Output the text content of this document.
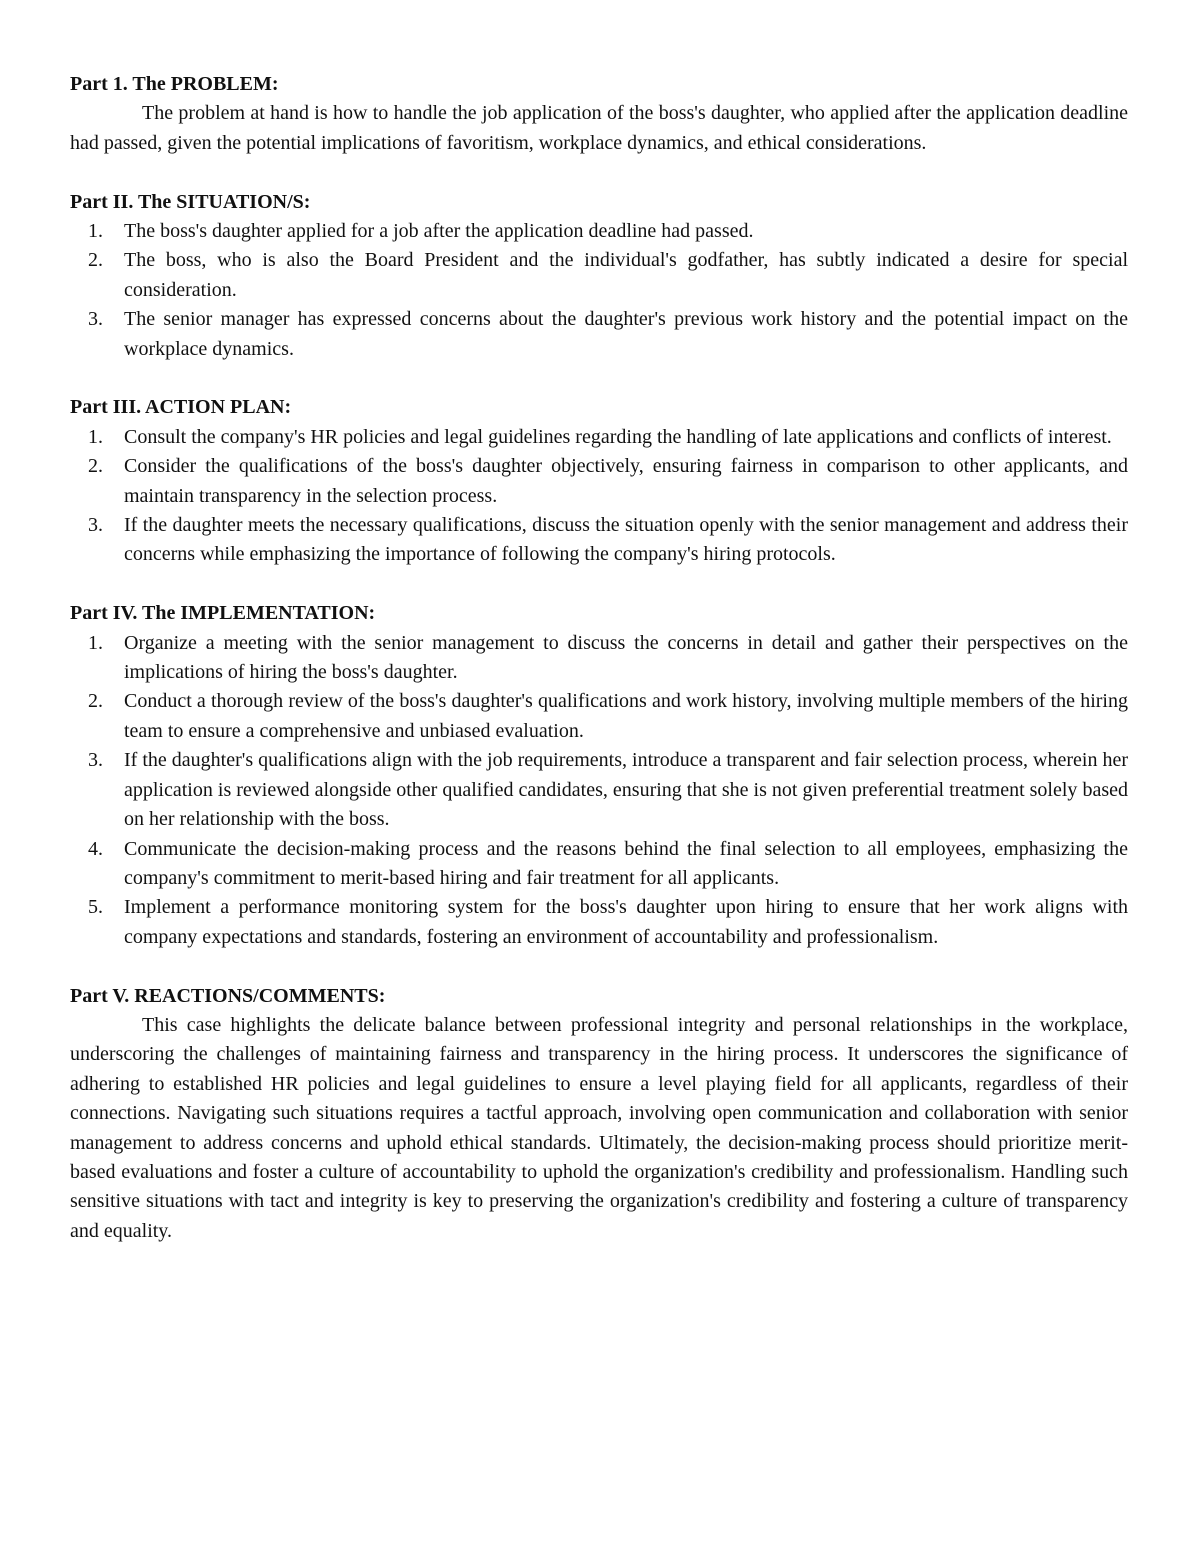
Part 1. The PROBLEM:

The problem at hand is how to handle the job application of the boss's daughter, who applied after the application deadline had passed, given the potential implications of favoritism, workplace dynamics, and ethical considerations.

Part II. The SITUATION/S:

1. The boss's daughter applied for a job after the application deadline had passed.
2. The boss, who is also the Board President and the individual's godfather, has subtly indicated a desire for special consideration.
3. The senior manager has expressed concerns about the daughter's previous work history and the potential impact on the workplace dynamics.

Part III. ACTION PLAN:

1. Consult the company's HR policies and legal guidelines regarding the handling of late applications and conflicts of interest.
2. Consider the qualifications of the boss's daughter objectively, ensuring fairness in comparison to other applicants, and maintain transparency in the selection process.
3. If the daughter meets the necessary qualifications, discuss the situation openly with the senior management and address their concerns while emphasizing the importance of following the company's hiring protocols.

Part IV. The IMPLEMENTATION:

1. Organize a meeting with the senior management to discuss the concerns in detail and gather their perspectives on the implications of hiring the boss's daughter.
2. Conduct a thorough review of the boss's daughter's qualifications and work history, involving multiple members of the hiring team to ensure a comprehensive and unbiased evaluation.
3. If the daughter's qualifications align with the job requirements, introduce a transparent and fair selection process, wherein her application is reviewed alongside other qualified candidates, ensuring that she is not given preferential treatment solely based on her relationship with the boss.
4. Communicate the decision-making process and the reasons behind the final selection to all employees, emphasizing the company's commitment to merit-based hiring and fair treatment for all applicants.
5. Implement a performance monitoring system for the boss's daughter upon hiring to ensure that her work aligns with company expectations and standards, fostering an environment of accountability and professionalism.

Part V. REACTIONS/COMMENTS:

This case highlights the delicate balance between professional integrity and personal relationships in the workplace, underscoring the challenges of maintaining fairness and transparency in the hiring process. It underscores the significance of adhering to established HR policies and legal guidelines to ensure a level playing field for all applicants, regardless of their connections. Navigating such situations requires a tactful approach, involving open communication and collaboration with senior management to address concerns and uphold ethical standards. Ultimately, the decision-making process should prioritize merit-based evaluations and foster a culture of accountability to uphold the organization's credibility and professionalism. Handling such sensitive situations with tact and integrity is key to preserving the organization's credibility and fostering a culture of transparency and equality.
